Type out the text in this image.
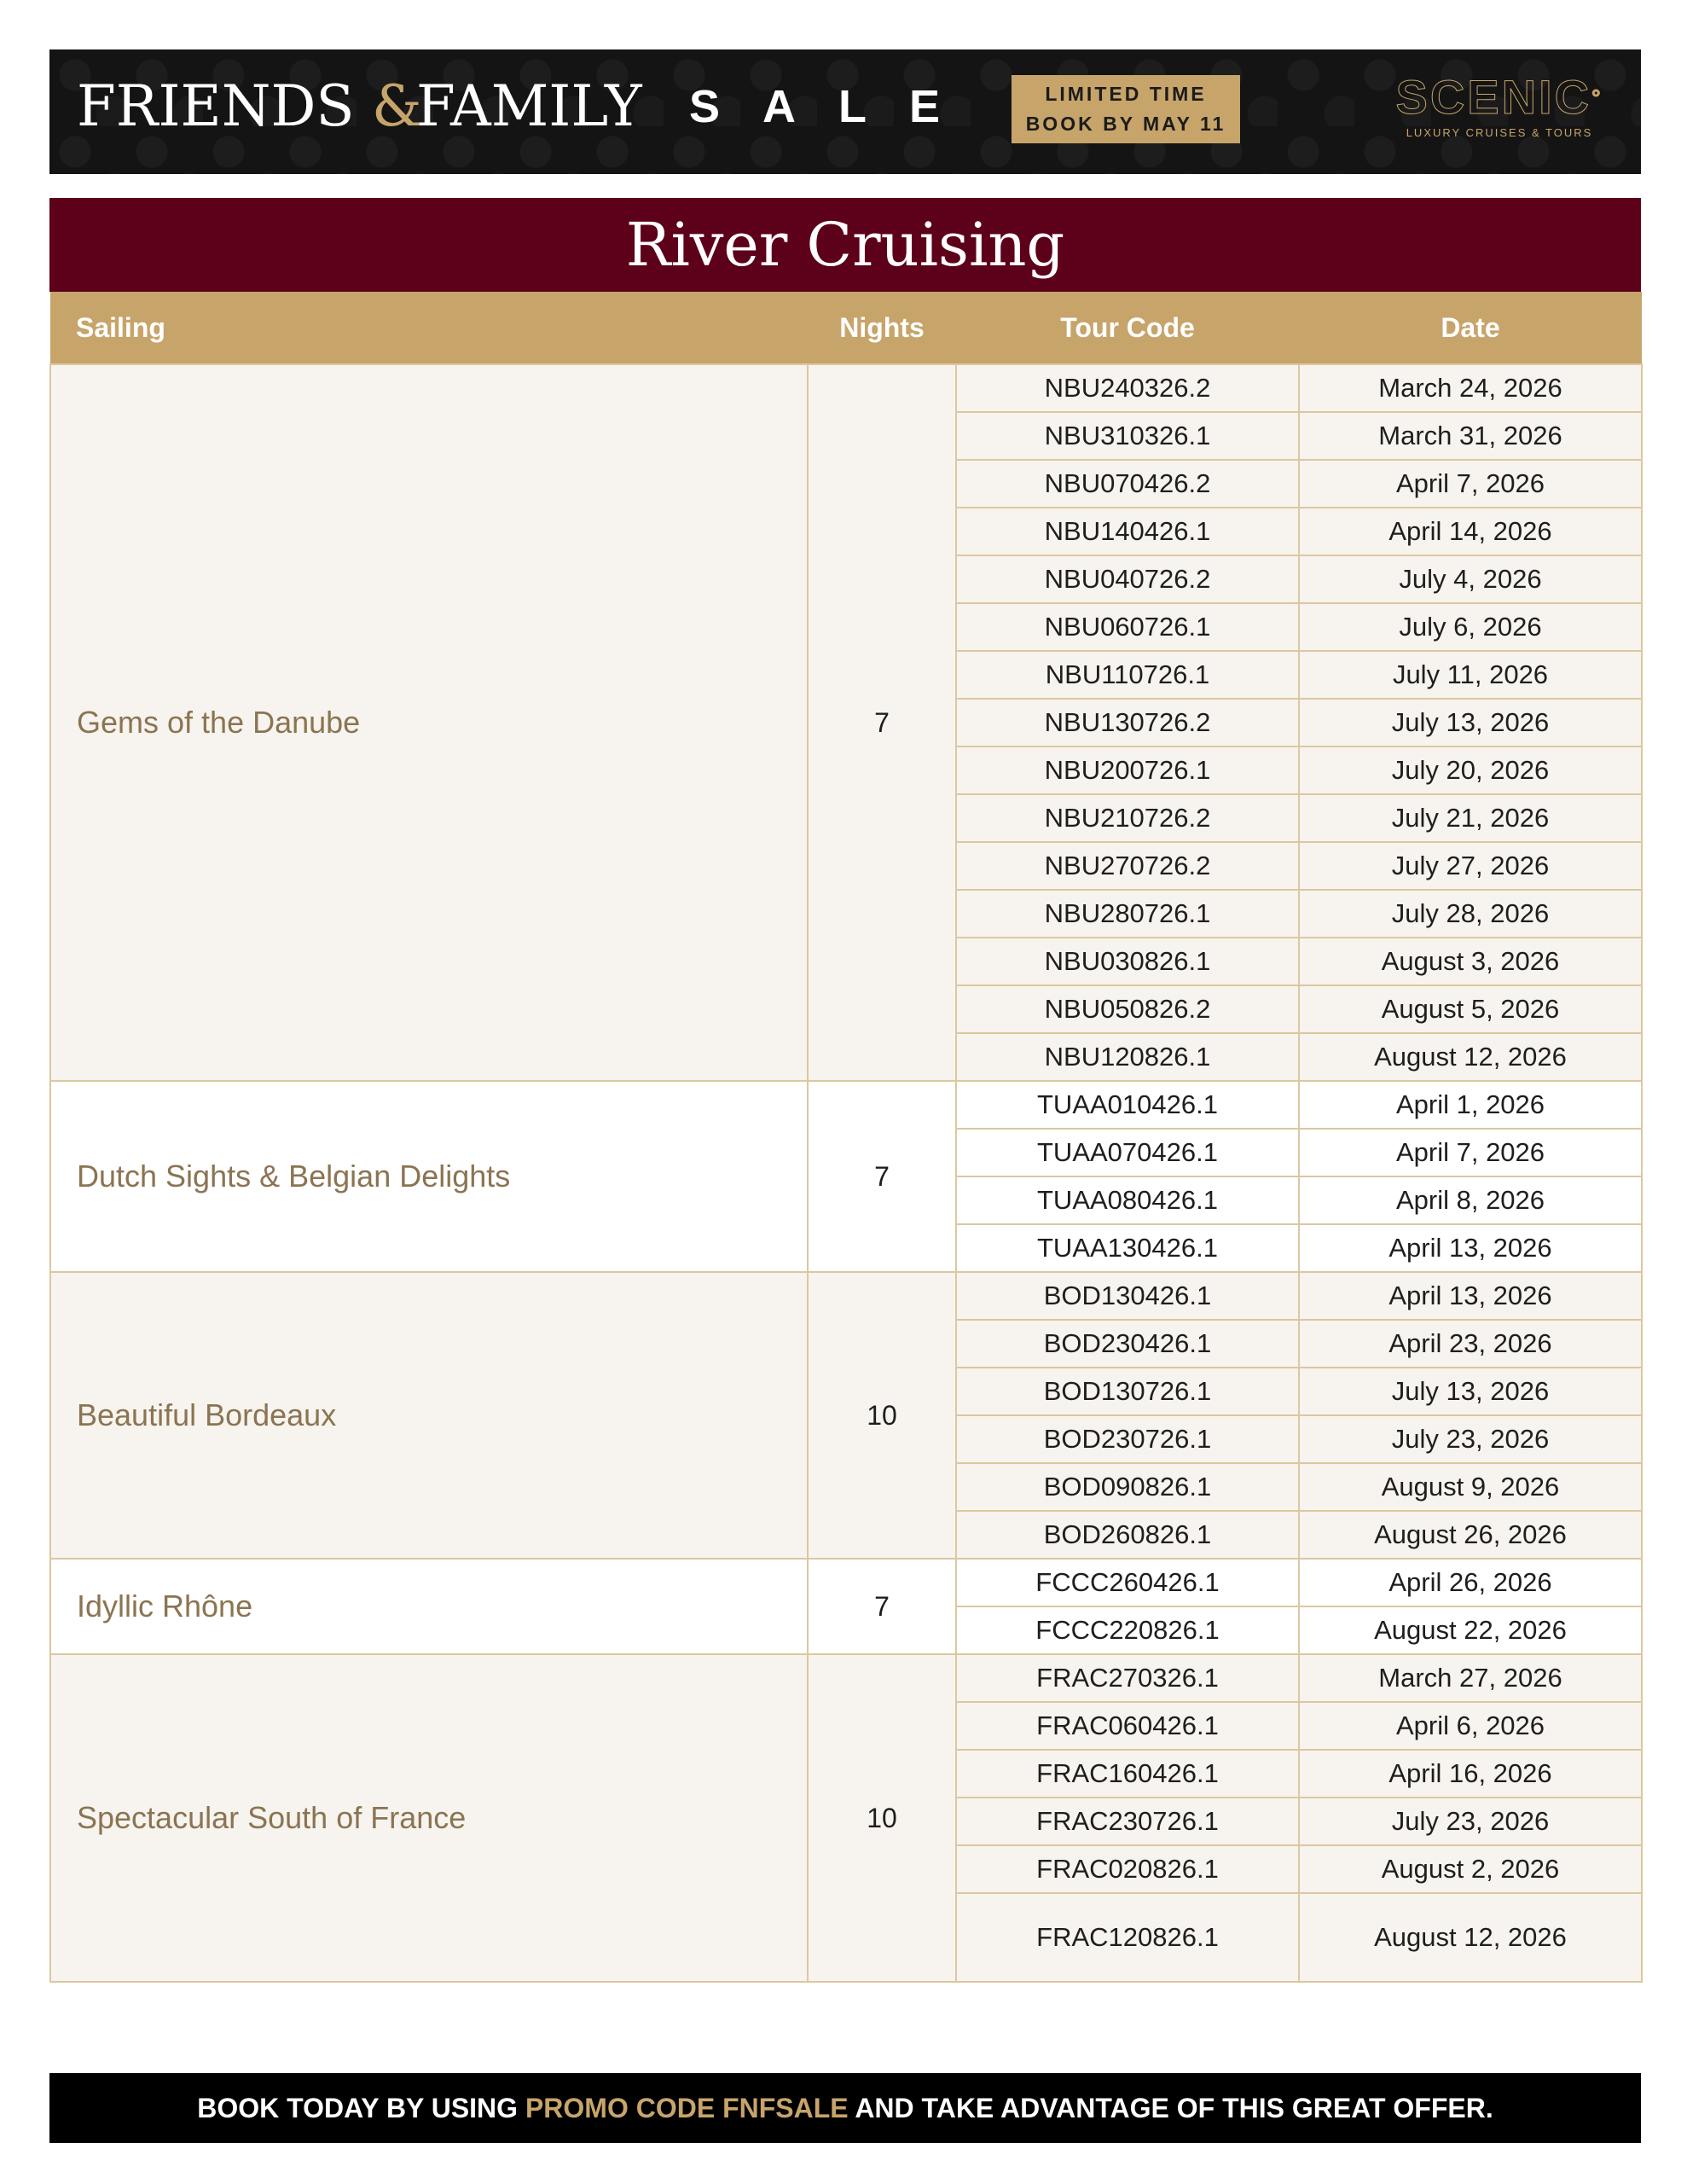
FRIENDS &
FAMILY SALE	LIMITED TIME
BOOK BY MAY 11	SCENIC°
LUXURY CRUISES & TOURS
River Cruising
Sailing	Nights	Tour Code	Date
Gems of the Danube	7	NBU240326.2	March 24, 2026
		NBU310326.1	March 31, 2026
		NBU070426.2	April 7, 2026
		NBU140426.1	April 14, 2026
		NBU040726.2	July 4, 2026
		NBU060726.1	July 6, 2026
		NBU110726.1	July 11, 2026
		NBU130726.2	July 13, 2026
		NBU200726.1	July 20, 2026
		NBU210726.2	July 21, 2026
		NBU270726.2	July 27, 2026
		NBU280726.1	July 28, 2026
		NBU030826.1	August 3, 2026
		NBU050826.2	August 5, 2026
		NBU120826.1	August 12, 2026
Dutch Sights & Belgian Delights	7	TUAA010426.1	April 1, 2026
		TUAA070426.1	April 7, 2026
		TUAA080426.1	April 8, 2026
		TUAA130426.1	April 13, 2026
Beautiful Bordeaux	10	BOD130426.1	April 13, 2026
		BOD230426.1	April 23, 2026
		BOD130726.1	July 13, 2026
		BOD230726.1	July 23, 2026
		BOD090826.1	August 9, 2026
		BOD260826.1	August 26, 2026
Idyllic Rhône	7	FCCC260426.1	April 26, 2026
		FCCC220826.1	August 22, 2026
Spectacular South of France	10	FRAC270326.1	March 27, 2026
		FRAC060426.1	April 6, 2026
		FRAC160426.1	April 16, 2026
		FRAC230726.1	July 23, 2026
		FRAC020826.1	August 2, 2026
		FRAC120826.1	August 12, 2026
BOOK TODAY BY USING PROMO CODE FNFSALE AND TAKE ADVANTAGE OF THIS GREAT OFFER.
